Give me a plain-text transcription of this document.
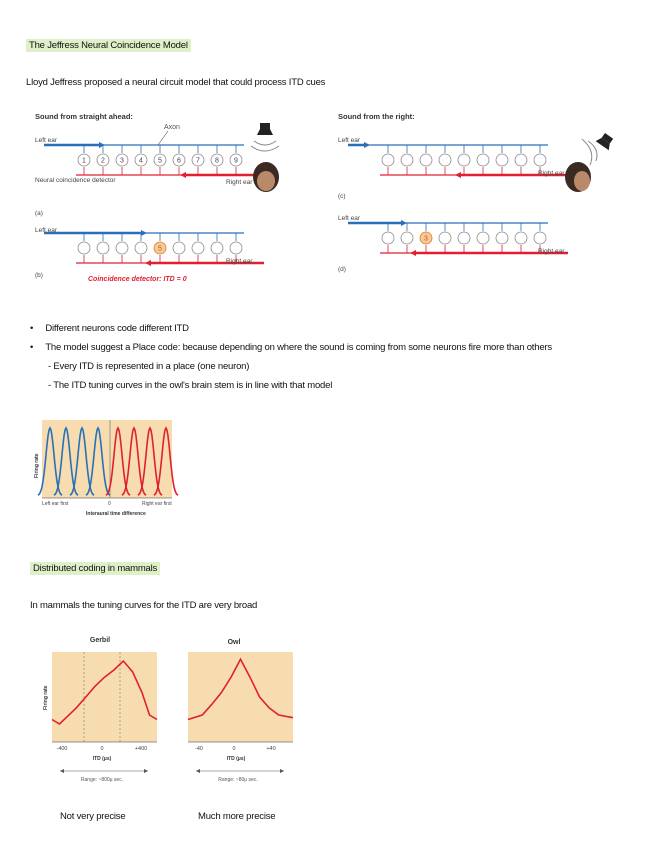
The Jeffress Neural Coincidence Model
Lloyd Jeffress proposed a neural circuit model that could process ITD cues
Sound from straight ahead:	Sound from the right:
Axon
1 2 3 4 5 6 7 8 9
Left ear
Right ear
Neural coincidence detector
(a)
5
Left ear
Right ear
Coincidence detector: ITD = 0
(b)
Left ear
Right ear
(c)
3
Left ear
Right ear
(d)
•     Different neurons code different ITD
•     The model suggest a Place code: because depending on where the sound is coming from some neurons fire more than others
- Every ITD is represented in a place (one neuron)
- The ITD tuning curves in the owl's brain stem is in line with that model
Firing rate
Left ear first	0	Right ear first
Interaural time difference
Distributed coding in mammals
In mammals the tuning curves for the ITD are very broad
Gerbil
Firing rate
-400	0	+400
ITD (μs)
Range: ~800μ sec.
Owl
-40	0	+40
ITD (μs)
Range: ~80μ sec.
Not very precise	Much more precise
